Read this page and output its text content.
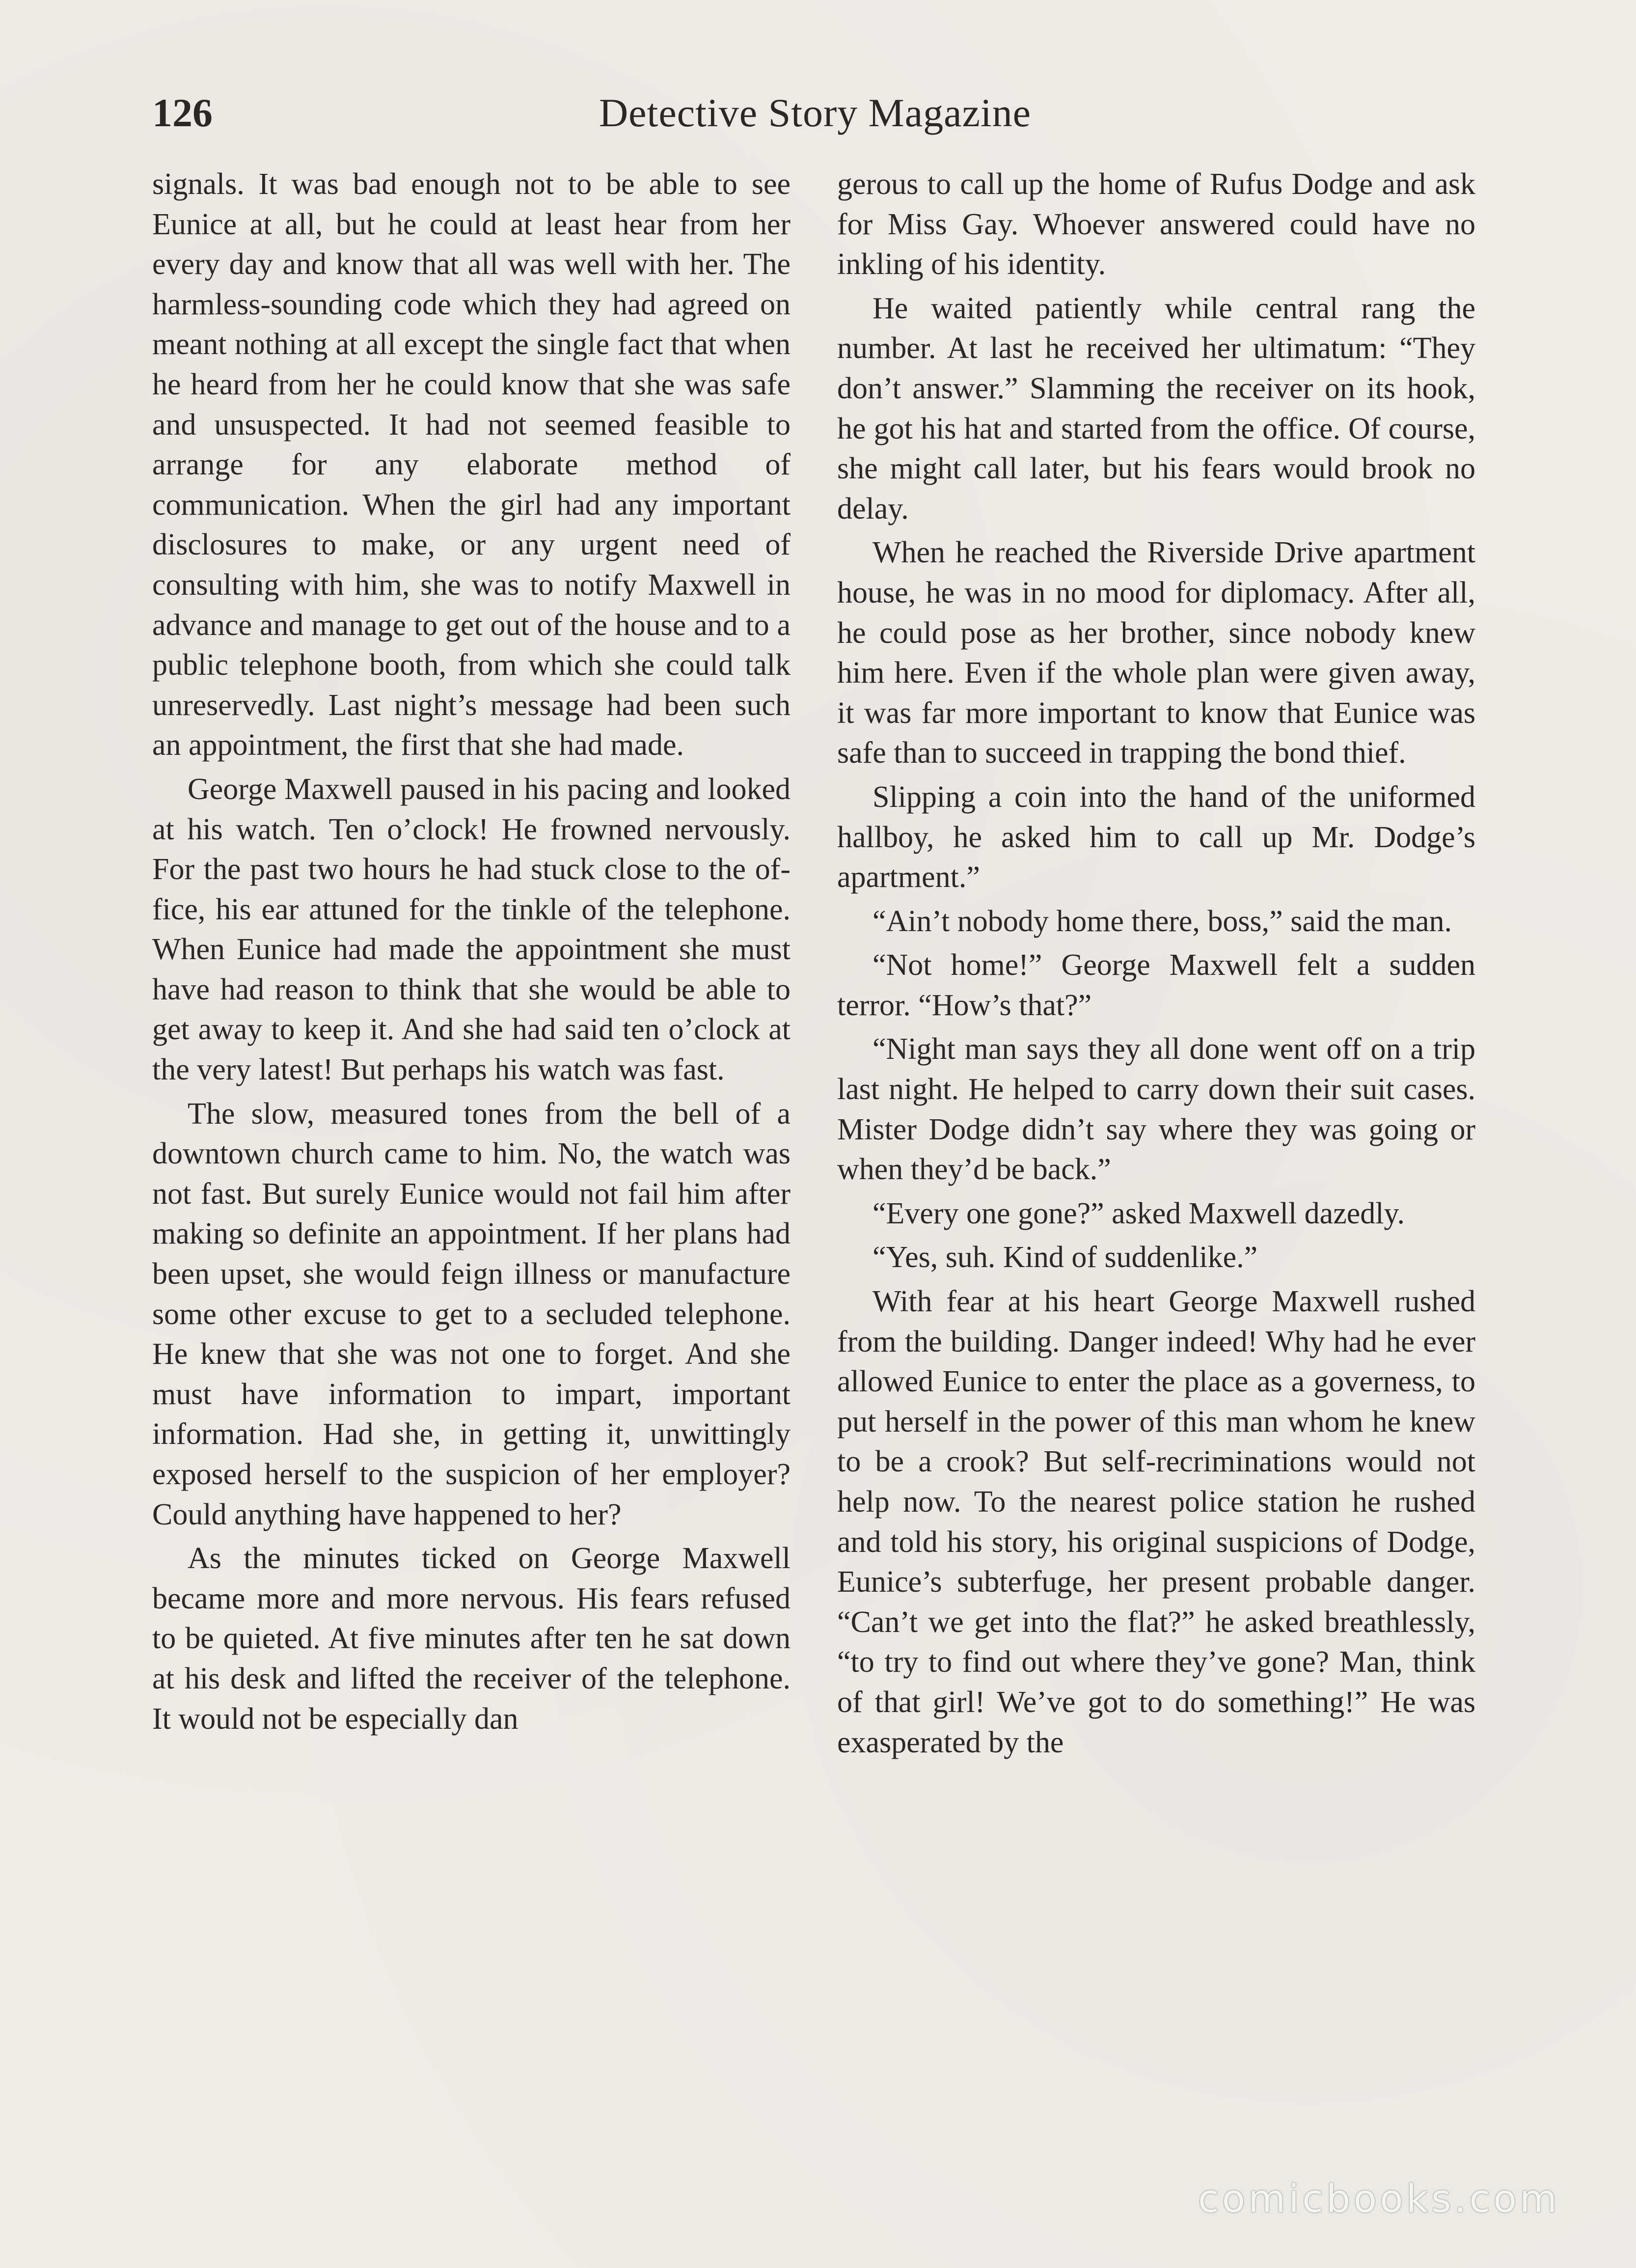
126	Detective Story Magazine

signals. It was bad enough not to be able to see Eunice at all, but he could at least hear from her every day and know that all was well with her. The harmless-sounding code which they had agreed on meant nothing at all except the single fact that when he heard from her he could know that she was safe and unsuspected. It had not seemed feasible to arrange for any elaborate method of communication. When the girl had any important disclosures to make, or any urgent need of consulting with him, she was to notify Maxwell in advance and manage to get out of the house and to a public telephone booth, from which she could talk unreservedly. Last night’s message had been such an appointment, the first that she had made.

George Maxwell paused in his pacing and looked at his watch. Ten o’clock! He frowned nervously. For the past two hours he had stuck close to the office, his ear attuned for the tinkle of the telephone. When Eunice had made the appointment she must have had reason to think that she would be able to get away to keep it. And she had said ten o’clock at the very latest! But perhaps his watch was fast.

The slow, measured tones from the bell of a downtown church came to him. No, the watch was not fast. But surely Eunice would not fail him after making so definite an appointment. If her plans had been upset, she would feign illness or manufacture some other excuse to get to a secluded telephone. He knew that she was not one to forget. And she must have information to impart, important information. Had she, in getting it, unwittingly exposed herself to the suspicion of her employer? Could anything have happened to her?

As the minutes ticked on George Maxwell became more and more nervous. His fears refused to be quieted. At five minutes after ten he sat down at his desk and lifted the receiver of the telephone. It would not be especially dan

gerous to call up the home of Rufus Dodge and ask for Miss Gay. Whoever answered could have no inkling of his identity.

He waited patiently while central rang the number. At last he received her ultimatum: “They don’t answer.” Slamming the receiver on its hook, he got his hat and started from the office. Of course, she might call later, but his fears would brook no delay.

When he reached the Riverside Drive apartment house, he was in no mood for diplomacy. After all, he could pose as her brother, since nobody knew him here. Even if the whole plan were given away, it was far more important to know that Eunice was safe than to succeed in trapping the bond thief.

Slipping a coin into the hand of the uniformed hallboy, he asked him to call up Mr. Dodge’s apartment.”

“Ain’t nobody home there, boss,” said the man.

“Not home!” George Maxwell felt a sudden terror. “How’s that?”

“Night man says they all done went off on a trip last night. He helped to carry down their suit cases. Mister Dodge didn’t say where they was going or when they’d be back.”

“Every one gone?” asked Maxwell dazedly.

“Yes, suh. Kind of suddenlike.”

With fear at his heart George Maxwell rushed from the building. Danger indeed! Why had he ever allowed Eunice to enter the place as a governess, to put herself in the power of this man whom he knew to be a crook? But self-recriminations would not help now. To the nearest police station he rushed and told his story, his original suspicions of Dodge, Eunice’s subterfuge, her present probable danger. “Can’t we get into the flat?” he asked breathlessly, “to try to find out where they’ve gone? Man, think of that girl! We’ve got to do something!” He was exasperated by the

comicbooks.com
